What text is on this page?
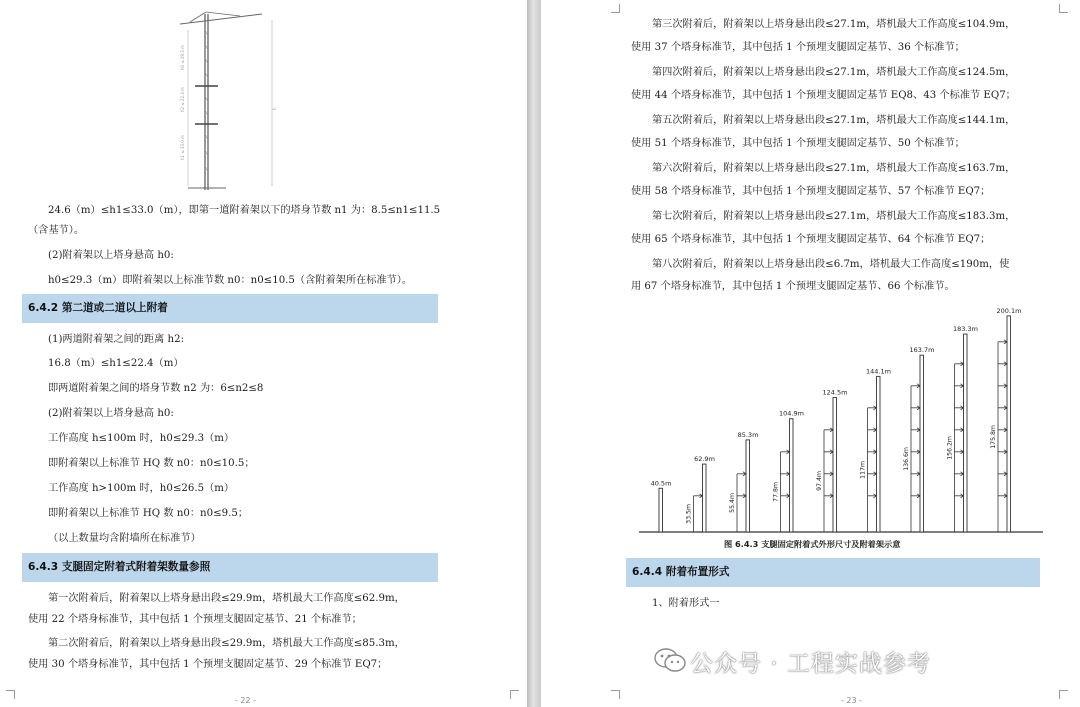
h0 ≤ 29.3 m
h2 ≤ 22.4 m
h1 ≤ 33.0 m
h
24.6（m）≤h1≤33.0（m），即第一道附着架以下的塔身节数 n1 为：8.5≤n1≤11.5
（含基节）。
(2)附着架以上塔身悬高 h0:
h0≤29.3（m）即附着架以上标准节数 n0：n0≤10.5（含附着架所在标准节）。
6.4.2 第二道或二道以上附着
(1)两道附着架之间的距离 h2:
16.8（m）≤h1≤22.4（m）
即两道附着架之间的塔身节数 n2 为：6≤n2≤8
(2)附着架以上塔身悬高 h0:
工作高度 h≤100m 时，h0≤29.3（m）
即附着架以上标准节 HQ 数 n0：n0≤10.5；
工作高度 h>100m 时，h0≤26.5（m）
即附着架以上标准节 HQ 数 n0：n0≤9.5；
（以上数量均含附墙所在标准节）
6.4.3 支腿固定附着式附着架数量参照
第一次附着后，附着架以上塔身悬出段≤29.9m，塔机最大工作高度≤62.9m，
使用 22 个塔身标准节，其中包括 1 个预埋支腿固定基节、21 个标准节；
第二次附着后，附着架以上塔身悬出段≤29.9m，塔机最大工作高度≤85.3m，
使用 30 个塔身标准节，其中包括 1 个预埋支腿固定基节、29 个标准节 EQ7；
- 22 -
第三次附着后，附着架以上塔身悬出段≤27.1m，塔机最大工作高度≤104.9m，
使用 37 个塔身标准节，其中包括 1 个预埋支腿固定基节、36 个标准节；
第四次附着后，附着架以上塔身悬出段≤27.1m，塔机最大工作高度≤124.5m，
使用 44 个塔身标准节，其中包括 1 个预埋支腿固定基节 EQ8、43 个标准节 EQ7；
第五次附着后，附着架以上塔身悬出段≤27.1m，塔机最大工作高度≤144.1m，
使用 51 个塔身标准节，其中包括 1 个预埋支腿固定基节、50 个标准节；
第六次附着后，附着架以上塔身悬出段≤27.1m，塔机最大工作高度≤163.7m，
使用 58 个塔身标准节，其中包括 1 个预埋支腿固定基节、57 个标准节 EQ7；
第七次附着后，附着架以上塔身悬出段≤27.1m，塔机最大工作高度≤183.3m，
使用 65 个塔身标准节，其中包括 1 个预埋支腿固定基节、64 个标准节 EQ7；
第八次附着后，附着架以上塔身悬出段≤6.7m，塔机最大工作高度≤190m，使
用 67 个塔身标准节，其中包括 1 个预埋支腿固定基节、66 个标准节。
40.5m
62.9m
33.5m
85.3m
55.4m
104.9m
77.8m
124.5m
97.4m
144.1m
117m
163.7m
136.6m
183.3m
156.2m
200.1m
175.8m
图 6.4.3 支腿固定附着式外形尺寸及附着架示意
6.4.4 附着布置形式
1、附着形式一
- 23 -
公众号 · 工程实战参考
